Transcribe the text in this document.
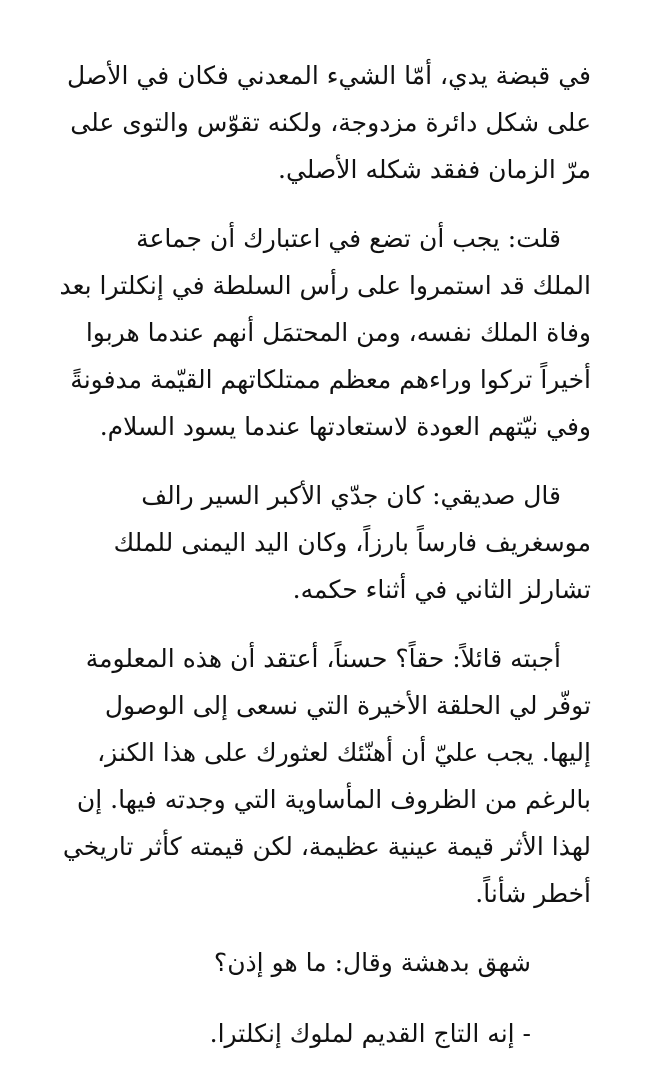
في قبضة يدي، أمّا الشيء المعدني فكان في الأصل
على شكل دائرة مزدوجة، ولكنه تقوّس والتوى على
مرّ الزمان ففقد شكله الأصلي.

قلت: يجب أن تضع في اعتبارك أن جماعة
الملك قد استمروا على رأس السلطة في إنكلترا بعد
وفاة الملك نفسه، ومن المحتمَل أنهم عندما هربوا
أخيراً تركوا وراءهم معظم ممتلكاتهم القيّمة مدفونةً
وفي نيّتهم العودة لاستعادتها عندما يسود السلام.

قال صديقي: كان جدّي الأكبر السير رالف
موسغريف فارساً بارزاً، وكان اليد اليمنى للملك
تشارلز الثاني في أثناء حكمه.

أجبته قائلاً: حقاً؟ حسناً، أعتقد أن هذه المعلومة
توفّر لي الحلقة الأخيرة التي نسعى إلى الوصول
إليها. يجب عليّ أن أهنّئك لعثورك على هذا الكنز،
بالرغم من الظروف المأساوية التي وجدته فيها. إن
لهذا الأثر قيمة عينية عظيمة، لكن قيمته كأثر تاريخي
أخطر شأناً.

شهق بدهشة وقال: ما هو إذن؟

- إنه التاج القديم لملوك إنكلترا.
